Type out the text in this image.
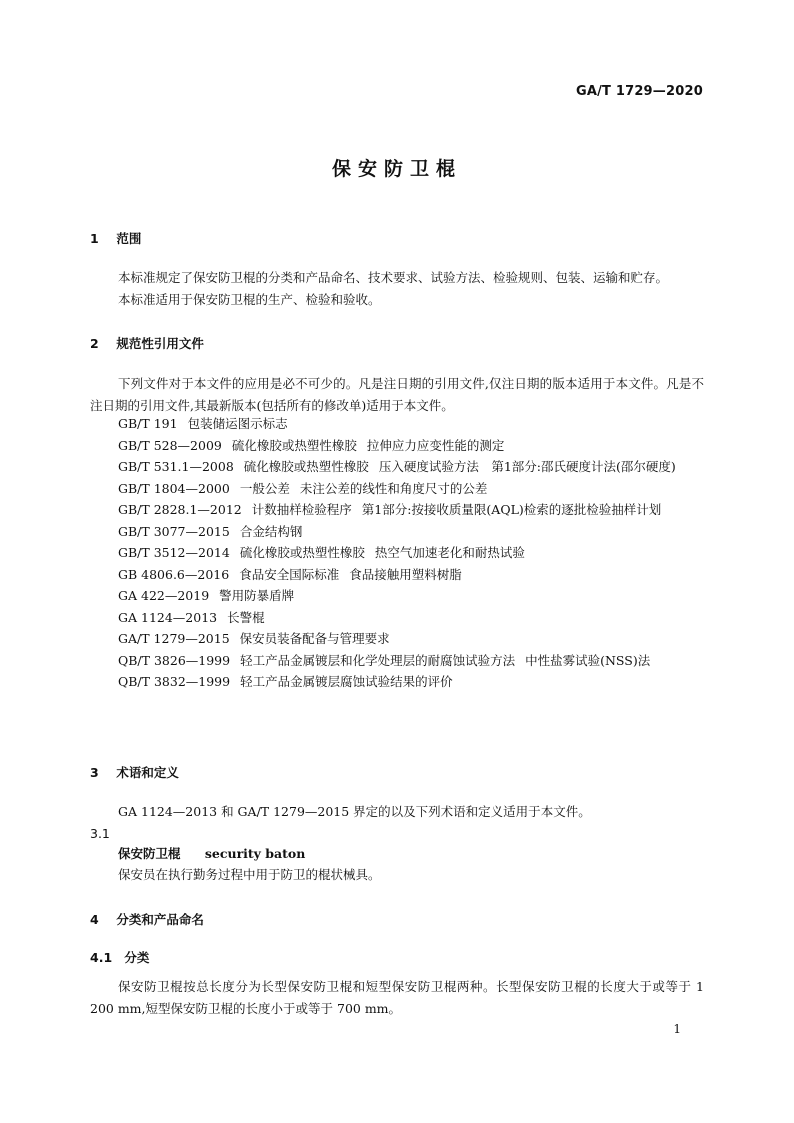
GA/T 1729—2020
保安防卫棍
1 范围
本标准规定了保安防卫棍的分类和产品命名、技术要求、试验方法、检验规则、包装、运输和贮存。
本标准适用于保安防卫棍的生产、检验和验收。
2 规范性引用文件
下列文件对于本文件的应用是必不可少的。凡是注日期的引用文件,仅注日期的版本适用于本文件。凡是不注日期的引用文件,其最新版本(包括所有的修改单)适用于本文件。
GB/T 191 包装储运图示标志
GB/T 528—2009 硫化橡胶或热塑性橡胶 拉伸应力应变性能的测定
GB/T 531.1—2008 硫化橡胶或热塑性橡胶 压入硬度试验方法　第1部分:邵氏硬度计法(邵尔硬度)
GB/T 1804—2000 一般公差 未注公差的线性和角度尺寸的公差
GB/T 2828.1—2012 计数抽样检验程序 第1部分:按接收质量限(AQL)检索的逐批检验抽样计划
GB/T 3077—2015 合金结构钢
GB/T 3512—2014 硫化橡胶或热塑性橡胶 热空气加速老化和耐热试验
GB 4806.6—2016 食品安全国际标准 食品接触用塑料树脂
GA 422—2019 警用防暴盾牌
GA 1124—2013 长警棍
GA/T 1279—2015 保安员装备配备与管理要求
QB/T 3826—1999 轻工产品金属镀层和化学处理层的耐腐蚀试验方法 中性盐雾试验(NSS)法
QB/T 3832—1999 轻工产品金属镀层腐蚀试验结果的评价
3 术语和定义
GA 1124—2013 和 GA/T 1279—2015 界定的以及下列术语和定义适用于本文件。
3.1
保安防卫棍 security baton
保安员在执行勤务过程中用于防卫的棍状械具。
4 分类和产品命名
4.1 分类
保安防卫棍按总长度分为长型保安防卫棍和短型保安防卫棍两种。长型保安防卫棍的长度大于或等于 1 200 mm,短型保安防卫棍的长度小于或等于 700 mm。
1
